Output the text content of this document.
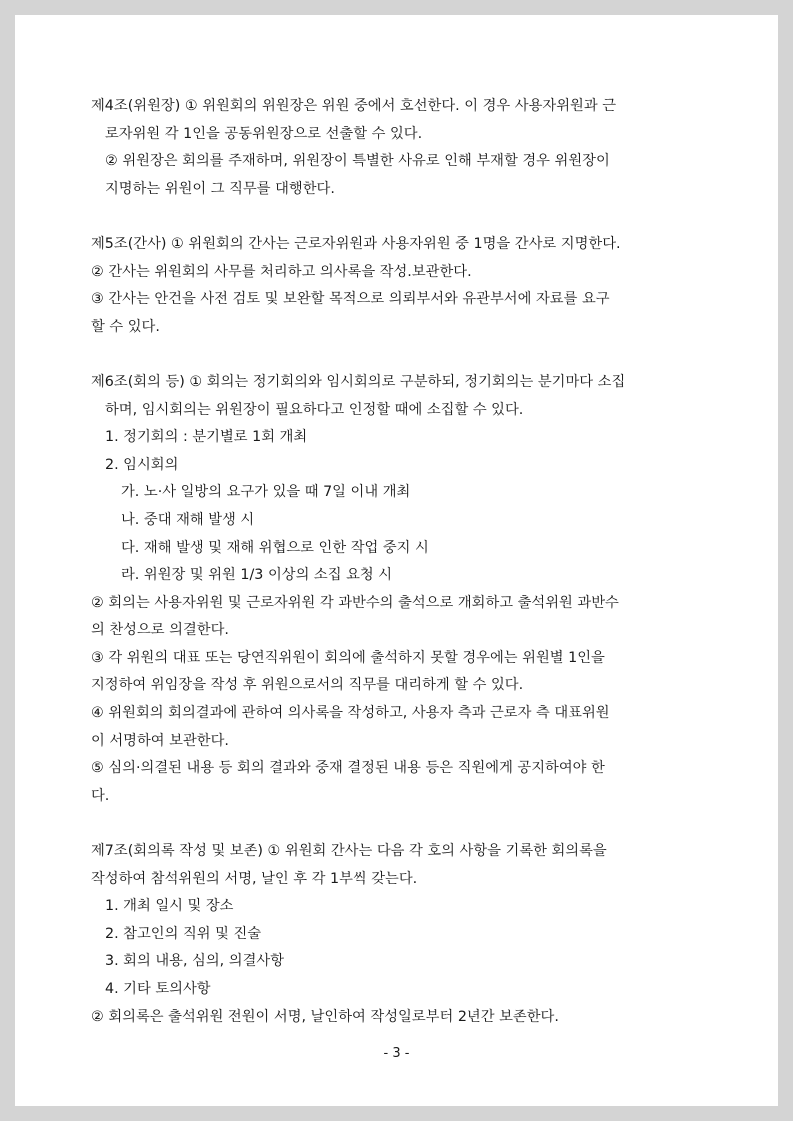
제4조(위원장) ① 위원회의 위원장은 위원 중에서 호선한다. 이 경우 사용자위원과 근
로자위원 각 1인을 공동위원장으로 선출할 수 있다.
② 위원장은 회의를 주재하며, 위원장이 특별한 사유로 인해 부재할 경우 위원장이
지명하는 위원이 그 직무를 대행한다.
제5조(간사) ① 위원회의 간사는 근로자위원과 사용자위원 중 1명을 간사로 지명한다.
② 간사는 위원회의 사무를 처리하고 의사록을 작성.보관한다.
③ 간사는 안건을 사전 검토 및 보완할 목적으로 의뢰부서와 유관부서에 자료를 요구
할 수 있다.
제6조(회의 등) ① 회의는 정기회의와 임시회의로 구분하되, 정기회의는 분기마다 소집
하며, 임시회의는 위원장이 필요하다고 인정할 때에 소집할 수 있다.
1. 정기회의 : 분기별로 1회 개최
2. 임시회의
가. 노·사 일방의 요구가 있을 때 7일 이내 개최
나. 중대 재해 발생 시
다. 재해 발생 및 재해 위협으로 인한 작업 중지 시
라. 위원장 및 위원 1/3 이상의 소집 요청 시
② 회의는 사용자위원 및 근로자위원 각 과반수의 출석으로 개회하고 출석위원 과반수
의 찬성으로 의결한다.
③ 각 위원의 대표 또는 당연직위원이 회의에 출석하지 못할 경우에는 위원별 1인을
지정하여 위임장을 작성 후 위원으로서의 직무를 대리하게 할 수 있다.
④ 위원회의 회의결과에 관하여 의사록을 작성하고, 사용자 측과 근로자 측 대표위원
이 서명하여 보관한다.
⑤ 심의·의결된 내용 등 회의 결과와 중재 결정된 내용 등은 직원에게 공지하여야 한
다.
제7조(회의록 작성 및 보존) ① 위원회 간사는 다음 각 호의 사항을 기록한 회의록을
작성하여 참석위원의 서명, 날인 후 각 1부씩 갖는다.
1. 개최 일시 및 장소
2. 참고인의 직위 및 진술
3. 회의 내용, 심의, 의결사항
4. 기타 토의사항
② 회의록은 출석위원 전원이 서명, 날인하여 작성일로부터 2년간 보존한다.
- 3 -
